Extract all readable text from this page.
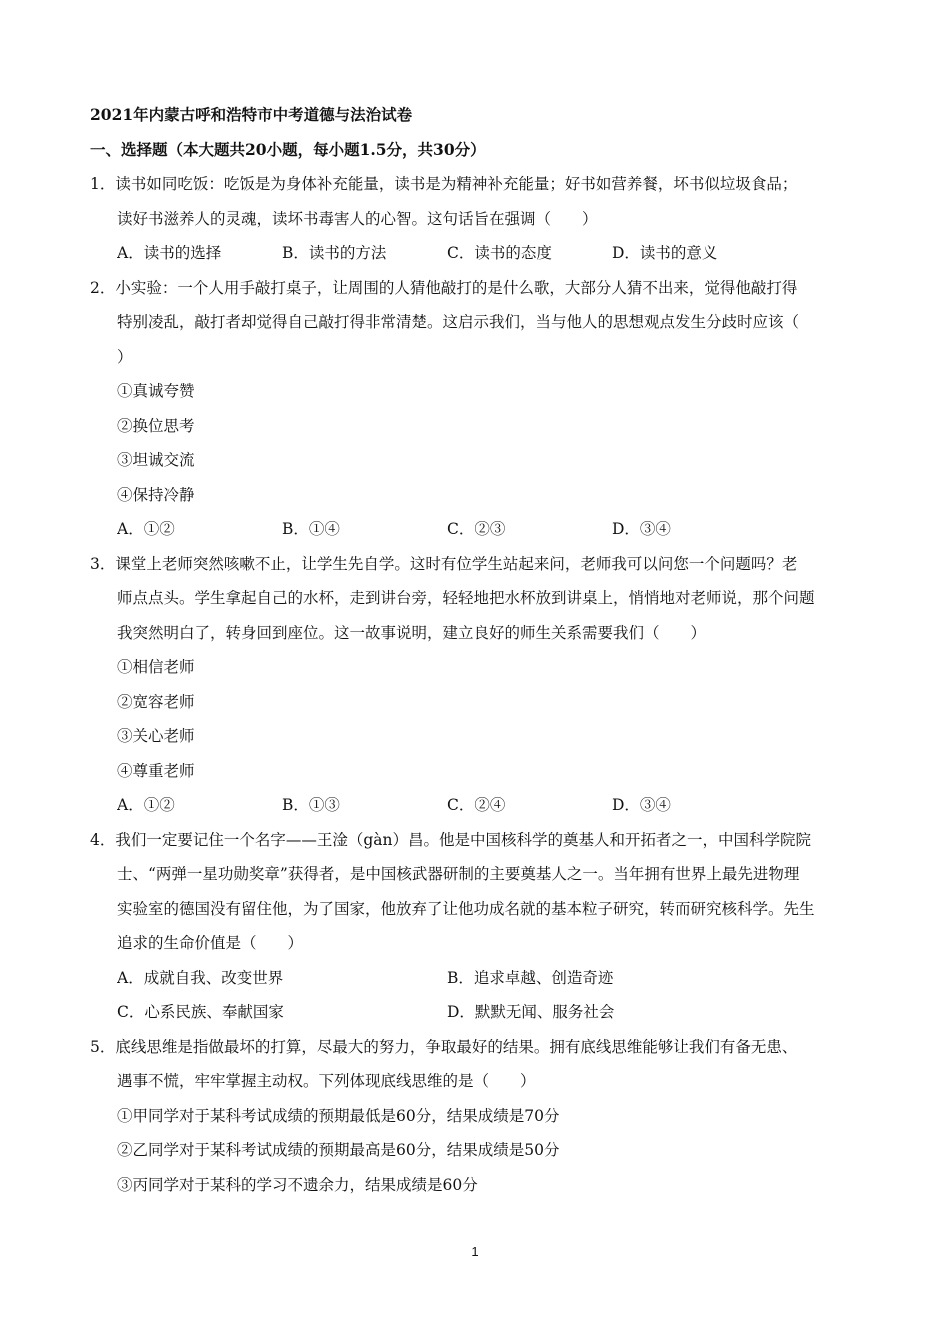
2021年内蒙古呼和浩特市中考道德与法治试卷
一、选择题（本大题共20小题，每小题1.5分，共30分）
1．读书如同吃饭：吃饭是为身体补充能量，读书是为精神补充能量；好书如营养餐，坏书似垃圾食品；
读好书滋养人的灵魂，读坏书毒害人的心智。这句话旨在强调（　　）
A．读书的选择	B．读书的方法	C．读书的态度	D．读书的意义
2．小实验：一个人用手敲打桌子，让周围的人猜他敲打的是什么歌，大部分人猜不出来，觉得他敲打得
特别凌乱，敲打者却觉得自己敲打得非常清楚。这启示我们，当与他人的思想观点发生分歧时应该（
）
①真诚夸赞
②换位思考
③坦诚交流
④保持冷静
A．①②	B．①④	C．②③	D．③④
3．课堂上老师突然咳嗽不止，让学生先自学。这时有位学生站起来问，老师我可以问您一个问题吗？老
师点点头。学生拿起自己的水杯，走到讲台旁，轻轻地把水杯放到讲桌上，悄悄地对老师说，那个问题
我突然明白了，转身回到座位。这一故事说明，建立良好的师生关系需要我们（　　）
①相信老师
②宽容老师
③关心老师
④尊重老师
A．①②	B．①③	C．②④	D．③④
4．我们一定要记住一个名字——王淦（gàn）昌。他是中国核科学的奠基人和开拓者之一，中国科学院院
士、“两弹一星功勋奖章”获得者，是中国核武器研制的主要奠基人之一。当年拥有世界上最先进物理
实验室的德国没有留住他，为了国家，他放弃了让他功成名就的基本粒子研究，转而研究核科学。先生
追求的生命价值是（　　）
A．成就自我、改变世界	B．追求卓越、创造奇迹
C．心系民族、奉献国家	D．默默无闻、服务社会
5．底线思维是指做最坏的打算，尽最大的努力，争取最好的结果。拥有底线思维能够让我们有备无患、
遇事不慌，牢牢掌握主动权。下列体现底线思维的是（　　）
①甲同学对于某科考试成绩的预期最低是60分，结果成绩是70分
②乙同学对于某科考试成绩的预期最高是60分，结果成绩是50分
③丙同学对于某科的学习不遗余力，结果成绩是60分
1
